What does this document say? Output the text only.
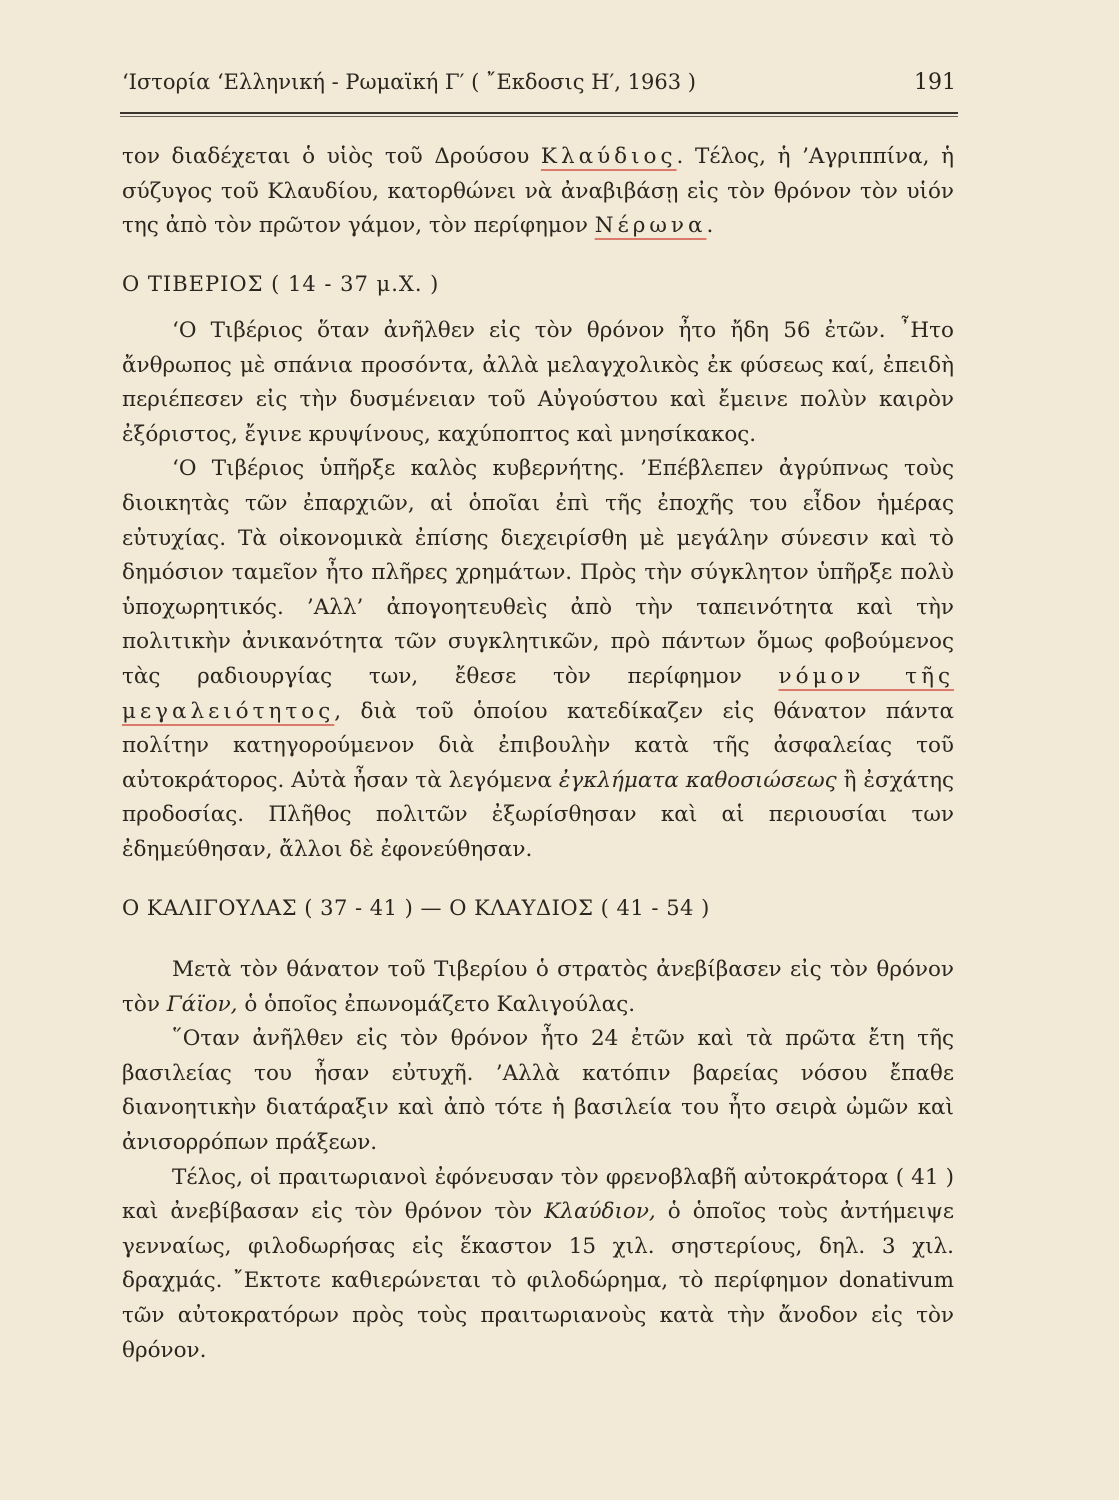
‘Ιστορία ‘Ελληνική - Ρωμαϊκή Γ′ ( ῎Εκδοσις Η′, 1963 )	191

τον διαδέχεται ὁ υἱὸς τοῦ Δρούσου Κλαύδιος. Τέλος, ἡ ’Αγριππίνα, ἡ σύζυγος τοῦ Κλαυδίου, κατορθώνει νὰ ἀναβιβάσῃ εἰς τὸν θρόνον τὸν υἱόν της ἀπὸ τὸν πρῶτον γάμον, τὸν περίφημον Νέρωνα.

Ο ΤΙΒΕΡΙΟΣ ( 14 - 37 μ.Χ. )

‘Ο Τιβέριος ὅταν ἀνῆλθεν εἰς τὸν θρόνον ἦτο ἤδη 56 ἐτῶν. ῏Ητο ἄνθρωπος μὲ σπάνια προσόντα, ἀλλὰ μελαγχολικὸς ἐκ φύσεως καί, ἐπειδὴ περιέπεσεν εἰς τὴν δυσμένειαν τοῦ Αὐγούστου καὶ ἔμεινε πολὺν καιρὸν ἐξόριστος, ἔγινε κρυψίνους, καχύποπτος καὶ μνησίκακος.

‘Ο Τιβέριος ὑπῆρξε καλὸς κυβερνήτης. ’Επέβλεπεν ἀγρύπνως τοὺς διοικητὰς τῶν ἐπαρχιῶν, αἱ ὁποῖαι ἐπὶ τῆς ἐποχῆς του εἶδον ἡμέρας εὐτυχίας. Τὰ οἰκονομικὰ ἐπίσης διεχειρίσθη μὲ μεγάλην σύνεσιν καὶ τὸ δημόσιον ταμεῖον ἦτο πλῆρες χρημάτων. Πρὸς τὴν σύγκλητον ὑπῆρξε πολὺ ὑποχωρητικός. ’Αλλ’ ἀπογοητευθεὶς ἀπὸ τὴν ταπεινότητα καὶ τὴν πολιτικὴν ἀνικανότητα τῶν συγκλητικῶν, πρὸ πάντων ὅμως φοβούμενος τὰς ραδιουργίας των, ἔθεσε τὸν περίφημον νόμον τῆς μεγαλειότητος, διὰ τοῦ ὁποίου κατεδίκαζεν εἰς θάνατον πάντα πολίτην κατηγορούμενον διὰ ἐπιβουλὴν κατὰ τῆς ἀσφαλείας τοῦ αὐτοκράτορος. Αὐτὰ ἦσαν τὰ λεγόμενα ἐγκλήματα καθοσιώσεως ἢ ἐσχάτης προδοσίας. Πλῆθος πολιτῶν ἐξωρίσθησαν καὶ αἱ περιουσίαι των ἐδημεύθησαν, ἄλλοι δὲ ἐφονεύθησαν.

Ο ΚΑΛΙΓΟΥΛΑΣ ( 37 - 41 ) — Ο ΚΛΑΥΔΙΟΣ ( 41 - 54 )

Μετὰ τὸν θάνατον τοῦ Τιβερίου ὁ στρατὸς ἀνεβίβασεν εἰς τὸν θρόνον τὸν Γάϊον, ὁ ὁποῖος ἐπωνομάζετο Καλιγούλας.

῞Οταν ἀνῆλθεν εἰς τὸν θρόνον ἦτο 24 ἐτῶν καὶ τὰ πρῶτα ἔτη τῆς βασιλείας του ἦσαν εὐτυχῆ. ’Αλλὰ κατόπιν βαρείας νόσου ἔπαθε διανοητικὴν διατάραξιν καὶ ἀπὸ τότε ἡ βασιλεία του ἦτο σειρὰ ὠμῶν καὶ ἀνισορρόπων πράξεων.

Τέλος, οἱ πραιτωριανοὶ ἐφόνευσαν τὸν φρενοβλαβῆ αὐτοκράτορα ( 41 ) καὶ ἀνεβίβασαν εἰς τὸν θρόνον τὸν Κλαύδιον, ὁ ὁποῖος τοὺς ἀντήμειψε γενναίως, φιλοδωρήσας εἰς ἕκαστον 15 χιλ. σηστερίους, δηλ. 3 χιλ. δραχμάς. ῎Εκτοτε καθιερώνεται τὸ φιλοδώρημα, τὸ περίφημον donativum τῶν αὐτοκρατόρων πρὸς τοὺς πραιτωριανοὺς κατὰ τὴν ἄνοδον εἰς τὸν θρόνον.
